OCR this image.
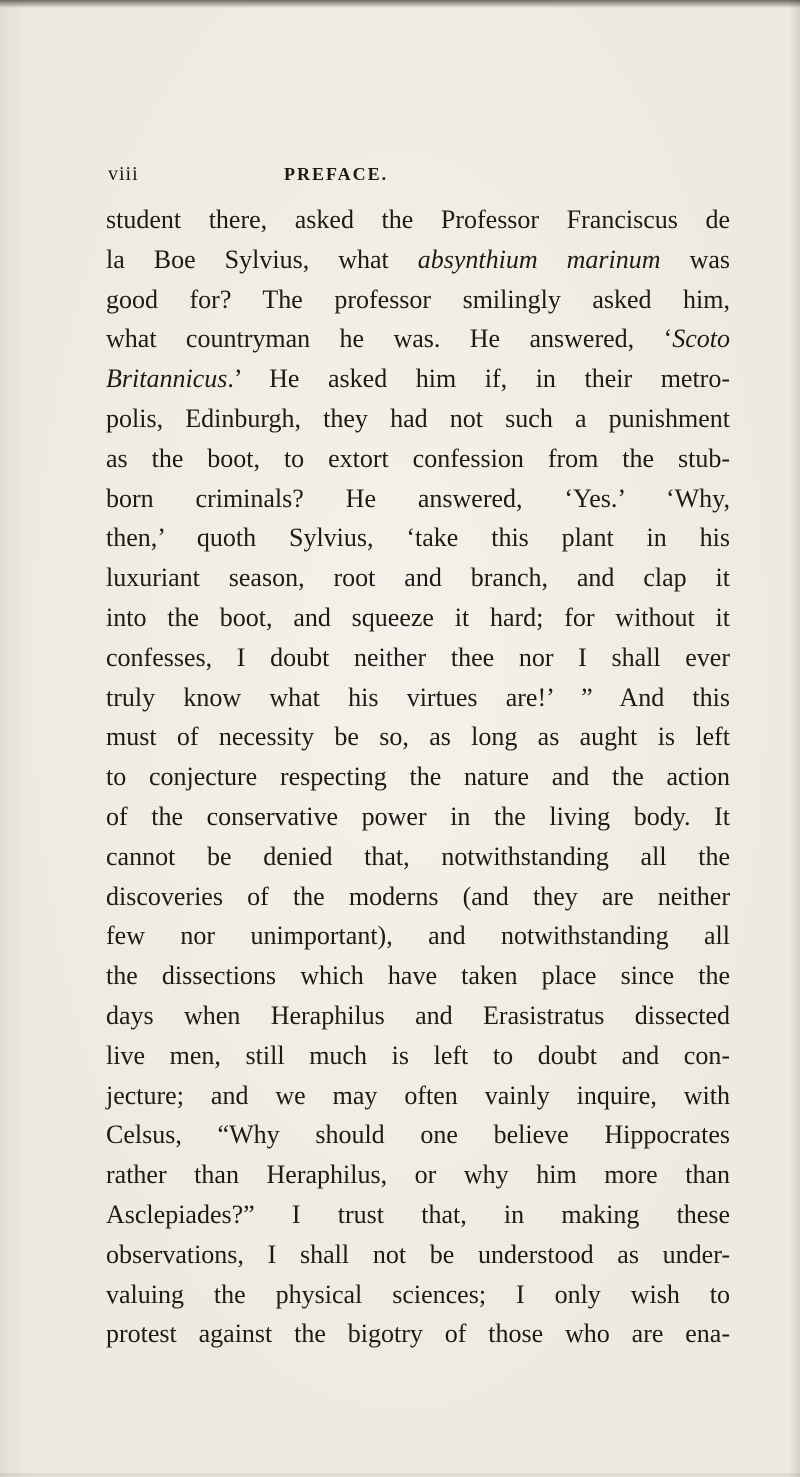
viii	PREFACE.
student there, asked the Professor Franciscus de
la Boe Sylvius, what absynthium marinum was
good for? The professor smilingly asked him,
what countryman he was. He answered, ‘Scoto
Britannicus.’ He asked him if, in their metro-
polis, Edinburgh, they had not such a punishment
as the boot, to extort confession from the stub-
born criminals? He answered, ‘Yes.’ ‘Why,
then,’ quoth Sylvius, ‘take this plant in his
luxuriant season, root and branch, and clap it
into the boot, and squeeze it hard; for without it
confesses, I doubt neither thee nor I shall ever
truly know what his virtues are!’ ” And this
must of necessity be so, as long as aught is left
to conjecture respecting the nature and the action
of the conservative power in the living body. It
cannot be denied that, notwithstanding all the
discoveries of the moderns (and they are neither
few nor unimportant), and notwithstanding all
the dissections which have taken place since the
days when Heraphilus and Erasistratus dissected
live men, still much is left to doubt and con-
jecture; and we may often vainly inquire, with
Celsus, “Why should one believe Hippocrates
rather than Heraphilus, or why him more than
Asclepiades?” I trust that, in making these
observations, I shall not be understood as under-
valuing the physical sciences; I only wish to
protest against the bigotry of those who are ena-
